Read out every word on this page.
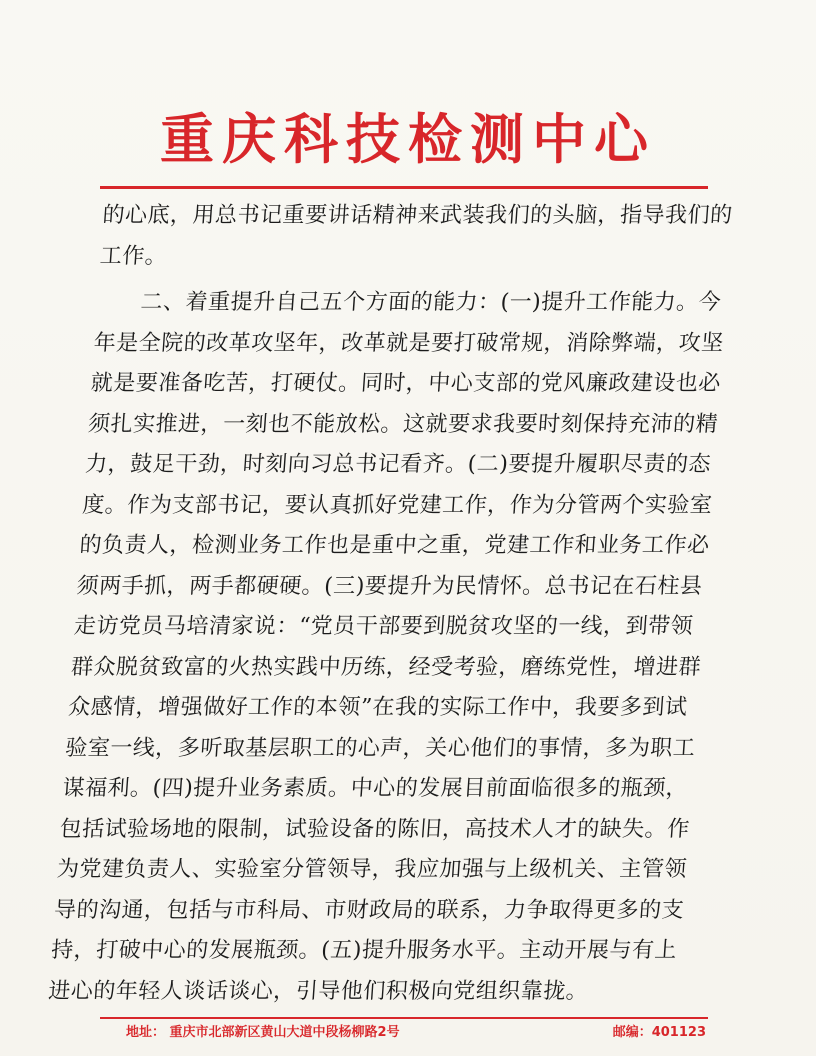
重庆科技检测中心

的心底，用总书记重要讲话精神来武装我们的头脑，指导我们的工作。

二、着重提升自己五个方面的能力：(一)提升工作能力。今年是全院的改革攻坚年，改革就是要打破常规，消除弊端，攻坚就是要准备吃苦，打硬仗。同时，中心支部的党风廉政建设也必须扎实推进，一刻也不能放松。这就要求我要时刻保持充沛的精力，鼓足干劲，时刻向习总书记看齐。(二)要提升履职尽责的态度。作为支部书记，要认真抓好党建工作，作为分管两个实验室的负责人，检测业务工作也是重中之重，党建工作和业务工作必须两手抓，两手都硬硬。(三)要提升为民情怀。总书记在石柱县走访党员马培清家说：“党员干部要到脱贫攻坚的一线，到带领群众脱贫致富的火热实践中历练，经受考验，磨练党性，增进群众感情，增强做好工作的本领”在我的实际工作中，我要多到试验室一线，多听取基层职工的心声，关心他们的事情，多为职工谋福利。(四)提升业务素质。中心的发展目前面临很多的瓶颈，包括试验场地的限制，试验设备的陈旧，高技术人才的缺失。作为党建负责人、实验室分管领导，我应加强与上级机关、主管领导的沟通，包括与市科局、市财政局的联系，力争取得更多的支持，打破中心的发展瓶颈。(五)提升服务水平。主动开展与有上进心的年轻人谈话谈心，引导他们积极向党组织靠拢。

地址： 重庆市北部新区黄山大道中段杨柳路2号	邮编：401123
